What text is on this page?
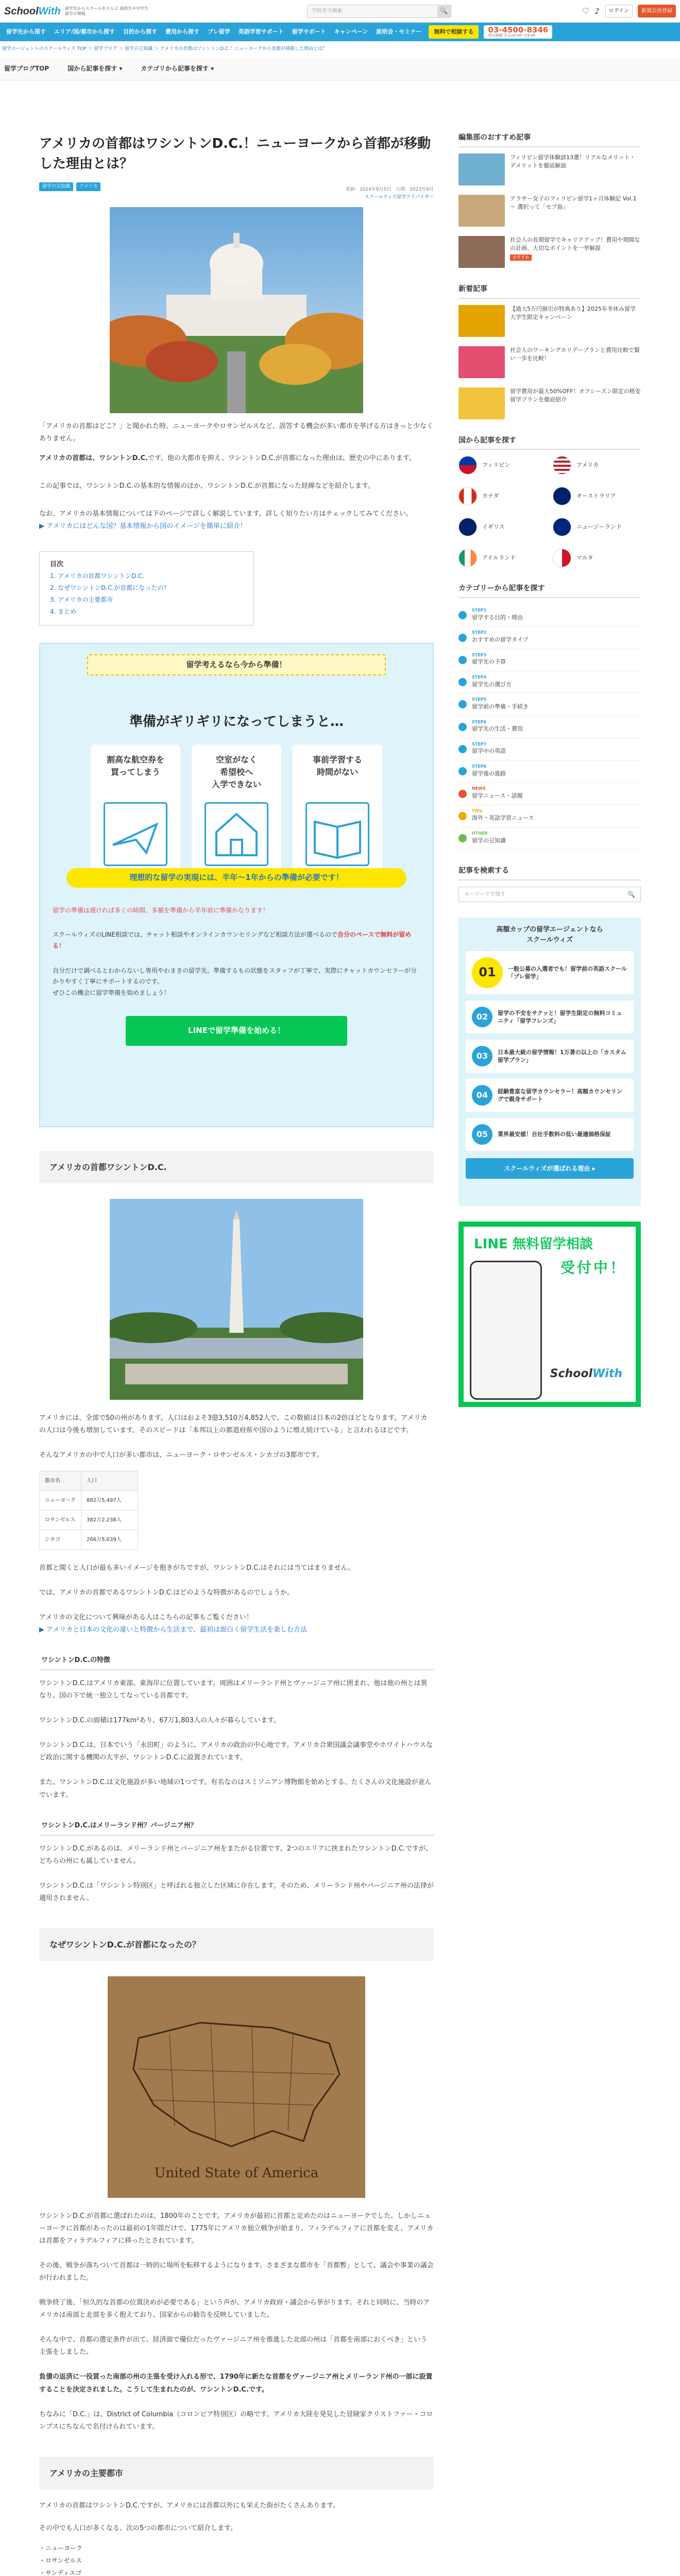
SchoolWith 留学先からスクールをえらぶ 高校生や中学生留学の情報	学校名で検索	🔍	♡ ♪	ログイン	新規会員登録
留学先から探す	エリア/国/都市から探す	目的から探す	費用から探す	ブレ留学	英語学習サポート	留学サポート	キャンペーン	説明会・セミナー	無料で相談する	03-4500-8346
受付時間 平日10:00〜19:00
留学エージェントのスクールウィズ TOP ＞ 留学ブログ ＞ 留学の豆知識 ＞ アメリカの首都はワシントンD.C.！ニューヨークから首都が移動した理由とは？
留学ブログTOP	国から記事を探す ▾	カテゴリから記事を探す ▾
アメリカの首都はワシントンD.C.！ニューヨークから首都が移動した理由とは？
留学の豆知識	アメリカ
更新：2024年8月5日　公開：2023年8月
スクールウィズ留学アドバイザー

「アメリカの首都はどこ？」と聞かれた時、ニューヨークやロサンゼルスなど、誤答する機会が多い都市を挙げる方はきっと少なくありません。

アメリカの首都は、ワシントンD.C.です。他の大都市を抑え、ワシントンD.C.が首都になった理由は、歴史の中にあります。

この記事では、ワシントンD.C.の基本的な情報のほか、ワシントンD.C.が首都になった経緯などを紹介します。

なお、アメリカの基本情報については下のページで詳しく解説しています。詳しく知りたい方はチェックしてみてください。

▶ アメリカにはどんな国？基本情報から国のイメージを簡単に紹介！
目次
1. アメリカの首都ワシントンD.C.
2. なぜワシントンD.C.が首都になったの？
3. アメリカの主要都市
4. まとめ
留学考えるなら今から準備！
準備がギリギリになってしまうと…
割高な航空券を
買ってしまう
空室がなく
希望校へ
入学できない
事前学習する
時間がない
理想的な留学の実現には、半年〜1年からの準備が必要です！

留学の準備は遅ければ多くの時間、多額を準備から半年前に準備かなります！

スクールウィズのLINE相談では、チャット相談やオンラインカウンセリングなど相談方法が選べるので自分のペースで無料が留める！

自分だけで調べるとわからないし専用やわまきの留学先、準備するもの状態をスタッフが丁寧で、実際にチャットカウンセラーが分かりやすく丁寧にサポートするのです。

ぜひこの機会に留学準備を始めましょう！

LINEで留学準備を始める！
アメリカの首都ワシントンD.C.

アメリカには、全部で50の州があります。人口はおよそ3億3,510万4,852人で、この数値は日本の2倍ほどとなります。アメリカの人口は今後も増加しています。そのスピードは「本邦以上の都道府県や国のように増え続けている」と言われるほどです。

そんなアメリカの中で人口が多い都市は、ニューヨーク・ロサンゼルス・シカゴの3都市です。

都市名	人口
ニューヨーク	882万5,497人
ロサンゼルス	382万2,238人
シカゴ	266万5,039人

首都と聞くと人口が最も多いイメージを抱きがちですが、ワシントンD.C.はそれには当てはまりません。

では、アメリカの首都であるワシントンD.C.はどのような特徴があるのでしょうか。

アメリカの文化について興味がある人はこちらの記事もご覧ください！

▶ アメリカと日本の文化の違いと特徴から生活まで、最初は面白く留学生活を楽しむ方法
ワシントンD.C.の特徴

ワシントンD.C.はアメリカ東部、東海岸に位置しています。周囲はメリーランド州とヴァージニア州に囲まれ、他は他の州とは異なり、国の下で統一独立してなっている首都です。

ワシントンD.C.の面積は177km²あり、67万1,803人の人々が暮らしています。

ワシントンD.C.は、日本でいう「永田町」のように、アメリカの政治の中心地です。アメリカ合衆国議会議事堂やホワイトハウスなど政治に関する機関の大半が、ワシントンD.C.に設置されています。

また、ワシントンD.C.は文化施設が多い地域の1つです。有名なのはスミソニアン博物館を始めとする、たくさんの文化施設が並んでいます。

ワシントンD.C.はメリーランド州？バージニア州？

ワシントンD.C.があるのは、メリーランド州とバージニア州をまたがる位置です。2つのエリアに挟まれたワシントンD.C.ですが、どちらの州にも属していません。

ワシントンD.C.は「ワシントン特別区」と呼ばれる独立した区域に存在します。そのため、メリーランド州やバージニア州の法律が適用されません。

なぜワシントンD.C.が首都になったの？
United State of America

ワシントンD.C.が首都に選ばれたのは、1800年のことです。アメリカが最初に首都と定めたのはニューヨークでした。しかしニューヨークに首都があったのは最初の1年間だけで、1775年にアメリカ独立戦争が始まり、フィラデルフィアに首都を変え、アメリカは首都をフィラデルフィアに移ったとされています。

その後、戦争が落ちついて首都は一時的に場所を転移するようになります。さまざまな都市を「首都暫」として、議会や事業の議会が行われました。

戦争終了後、「恒久的な首都の位置決めが必要である」という声が、アメリカ政府・議会から挙がります。それと同時に、当時のアメリカは南部と北部を多く抱えており、国家からの勧告を反映していました。

そんな中で、首都の選定条件が出て、経済面で優位だったヴァージニア州を推進した北部の州は「首都を南部におくべき」という主張をしました。

負債の返済に一役買った南部の州の主張を受け入れる形で、1790年に新たな首都をヴァージニア州とメリーランド州の一部に設置することを決定されました。こうして生まれたのが、ワシントンD.C.です。

ちなみに「D.C.」は、District of Columbia（コロンビア特別区）の略です。アメリカ大陸を発見した冒険家クリストファー・コロンブスにちなんで名付けられています。

アメリカの主要都市

アメリカの首都はワシントンD.C.ですが、アメリカには首都以外にも栄えた街がたくさんあります。

その中でも人口が多くなる、次の5つの都市について紹介します。

・ニューヨーク
・ロサンゼルス
・サンディエゴ
編集部のおすすめ記事
フィリピン留学体験談13選！リアルなメリット・デメリットを徹底解説
アラサー女子のフィリピン留学1ヶ月体験記 Vol.1 〜 選択って「セブ島」
社会人の長期留学でキャリアアップ！費用や期間なの計画、大切なポイントを一挙解説
おすすめ
新着記事
【過大5万円割引が特典あり】2025年冬休み留学大学生限定キャンペーン
社会人のワーキングホリデープランと費用比較で賢い一歩を比較！
留学費用が最大50%OFF！オフシーズン限定の格安留学プランを徹底紹介
国から記事を探す
フィリピン	アメリカ
カナダ	オーストラリア
イギリス	ニュージーランド
アイルランド	マルタ
カテゴリーから記事を探す
STEP1
留学する目的・理由
STEP2
おすすめの留学タイプ
STEP3
留学先の予算
STEP4
留学先の選び方
STEP5
留学前の準備・手続き
STEP6
留学先の生活・費用
STEP7
留学中の英語
STEP8
留学後の進路
NEWS
留学ニュース・話題
TIPS
海外・英語学習ニュース
OTHER
留学の豆知識
記事を検索する
キーワードで探す	🔍
高額カップの留学エージェントなら
スクールウィズ
01	一般公募の入選者でも！留学前の英語スクール「プレ留学」
02	留学の不安をサクッと！留学生限定の無料コミュニティ「留学フレンズ」
03	日本最大級の留学情報！1万著の以上の「カスタム留学プラン」
04	経験豊富な留学カウンセラー！高額カウンセリングで親身サポート
05	業界最安値！自社手数料の低い最適価格保証
スクールウィズが選ばれる理由 ▸
LINE 無料留学相談
受付中！
SchoolWith
